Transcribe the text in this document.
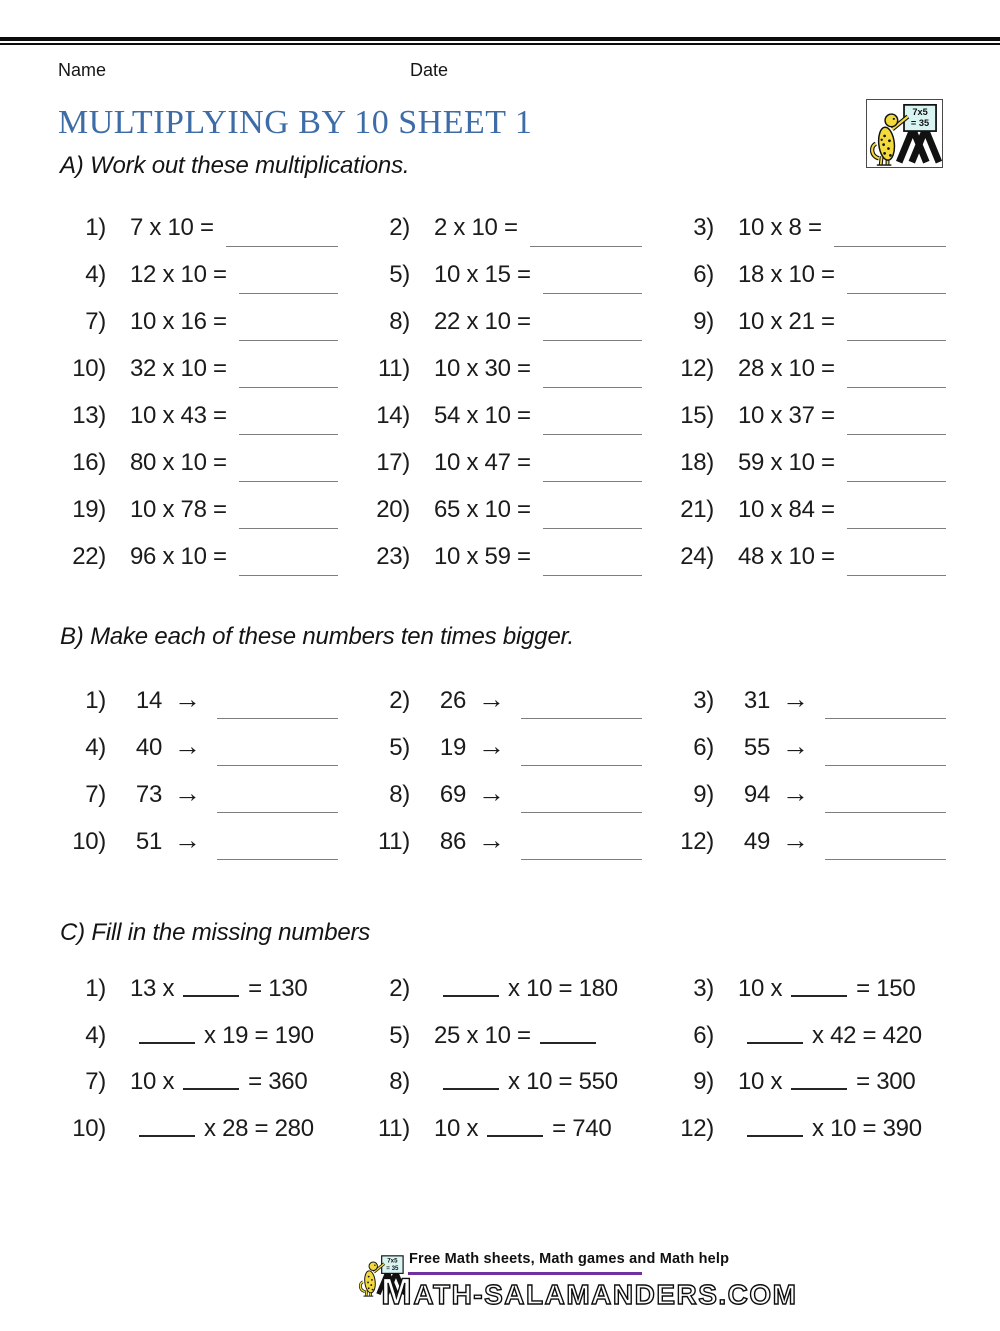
Name	Date
7x5
= 35
MULTIPLYING BY 10 SHEET 1
A) Work out these multiplications.
1) 7 x 10 =	2) 2 x 10 =	3) 10 x 8 =
4) 12 x 10 =	5) 10 x 15 =	6) 18 x 10 =
7) 10 x 16 =	8) 22 x 10 =	9) 10 x 21 =
10) 32 x 10 =	11) 10 x 30 =	12) 28 x 10 =
13) 10 x 43 =	14) 54 x 10 =	15) 10 x 37 =
16) 80 x 10 =	17) 10 x 47 =	18) 59 x 10 =
19) 10 x 78 =	20) 65 x 10 =	21) 10 x 84 =
22) 96 x 10 =	23) 10 x 59 =	24) 48 x 10 =
B) Make each of these numbers ten times bigger.
1) 14 →	2) 26 →	3) 31 →
4) 40 →	5) 19 →	6) 55 →
7) 73 →	8) 69 →	9) 94 →
10) 51 →	11) 86 →	12) 49 →
C) Fill in the missing numbers
1) 13 x	= 130	2)	x 10 = 180	3) 10 x	= 150
4)	x 19 = 190	5) 25 x 10 =	6)	x 42 = 420
7) 10 x	= 360	8)	x 10 = 550	9) 10 x	= 300
10)	x 28 = 280	11) 10 x	= 740	12)	x 10 = 390
7x5
= 35
Free Math sheets, Math games and Math help
MATH-SALAMANDERS.COM
